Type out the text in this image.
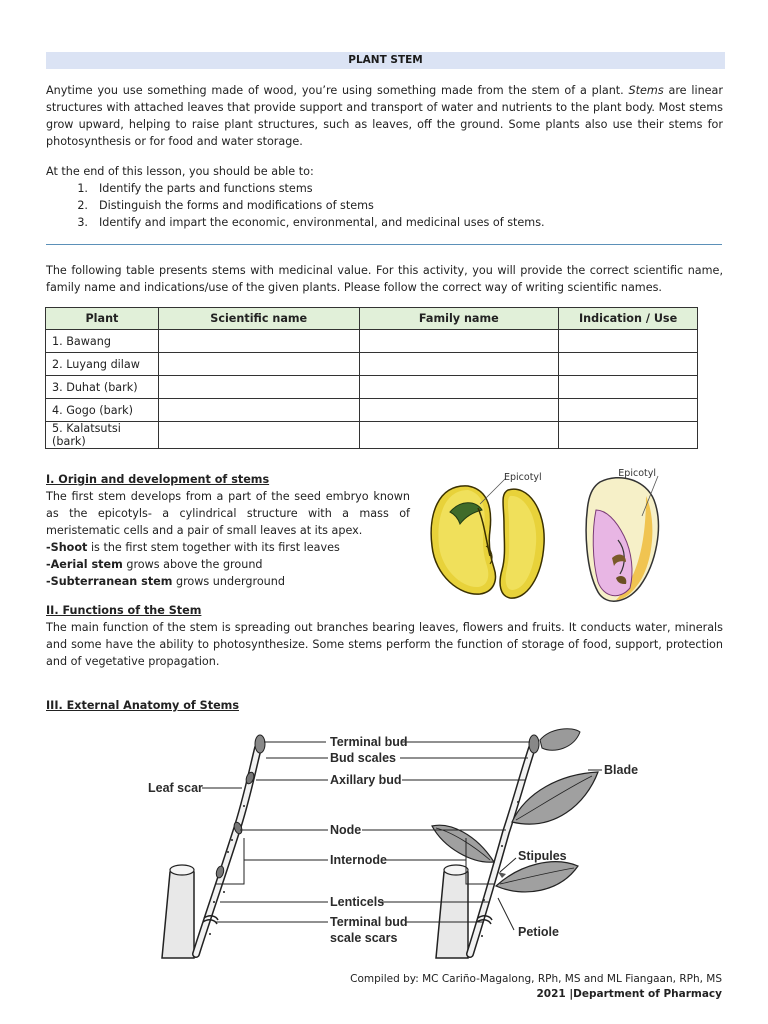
PLANT STEM
Anytime you use something made of wood, you’re using something made from the stem of a plant. Stems are linear structures with attached leaves that provide support and transport of water and nutrients to the plant body. Most stems grow upward, helping to raise plant structures, such as leaves, off the ground. Some plants also use their stems for photosynthesis or for food and water storage.
At the end of this lesson, you should be able to:
1. Identify the parts and functions stems
2. Distinguish the forms and modifications of stems
3. Identify and impart the economic, environmental, and medicinal uses of stems.
The following table presents stems with medicinal value. For this activity, you will provide the correct scientific name, family name and indications/use of the given plants. Please follow the correct way of writing scientific names.
Plant	Scientific name	Family name	Indication / Use
1. Bawang			
2. Luyang dilaw			
3. Duhat (bark)			
4. Gogo (bark)			
5. Kalatsutsi (bark)			
I. Origin and development of stems
The first stem develops from a part of the seed embryo known as the epicotyls- a cylindrical structure with a mass of meristematic cells and a pair of small leaves at its apex.
-Shoot is the first stem together with its first leaves
-Aerial stem grows above the ground
-Subterranean stem grows underground
Epicotyl	Epicotyl
II. Functions of the Stem
The main function of the stem is spreading out branches bearing leaves, flowers and fruits. It conducts water, minerals and some have the ability to photosynthesize. Some stems perform the function of storage of food, support, protection and of vegetative propagation.
III. External Anatomy of Stems
Terminal bud
Bud scales
Axillary bud
Leaf scar
Node
Internode
Lenticels
Terminal bud
scale scars
Blade
Stipules
Petiole
Compiled by: MC Cariño-Magalong, RPh, MS and ML Fiangaan, RPh, MS
2021 |Department of Pharmacy
